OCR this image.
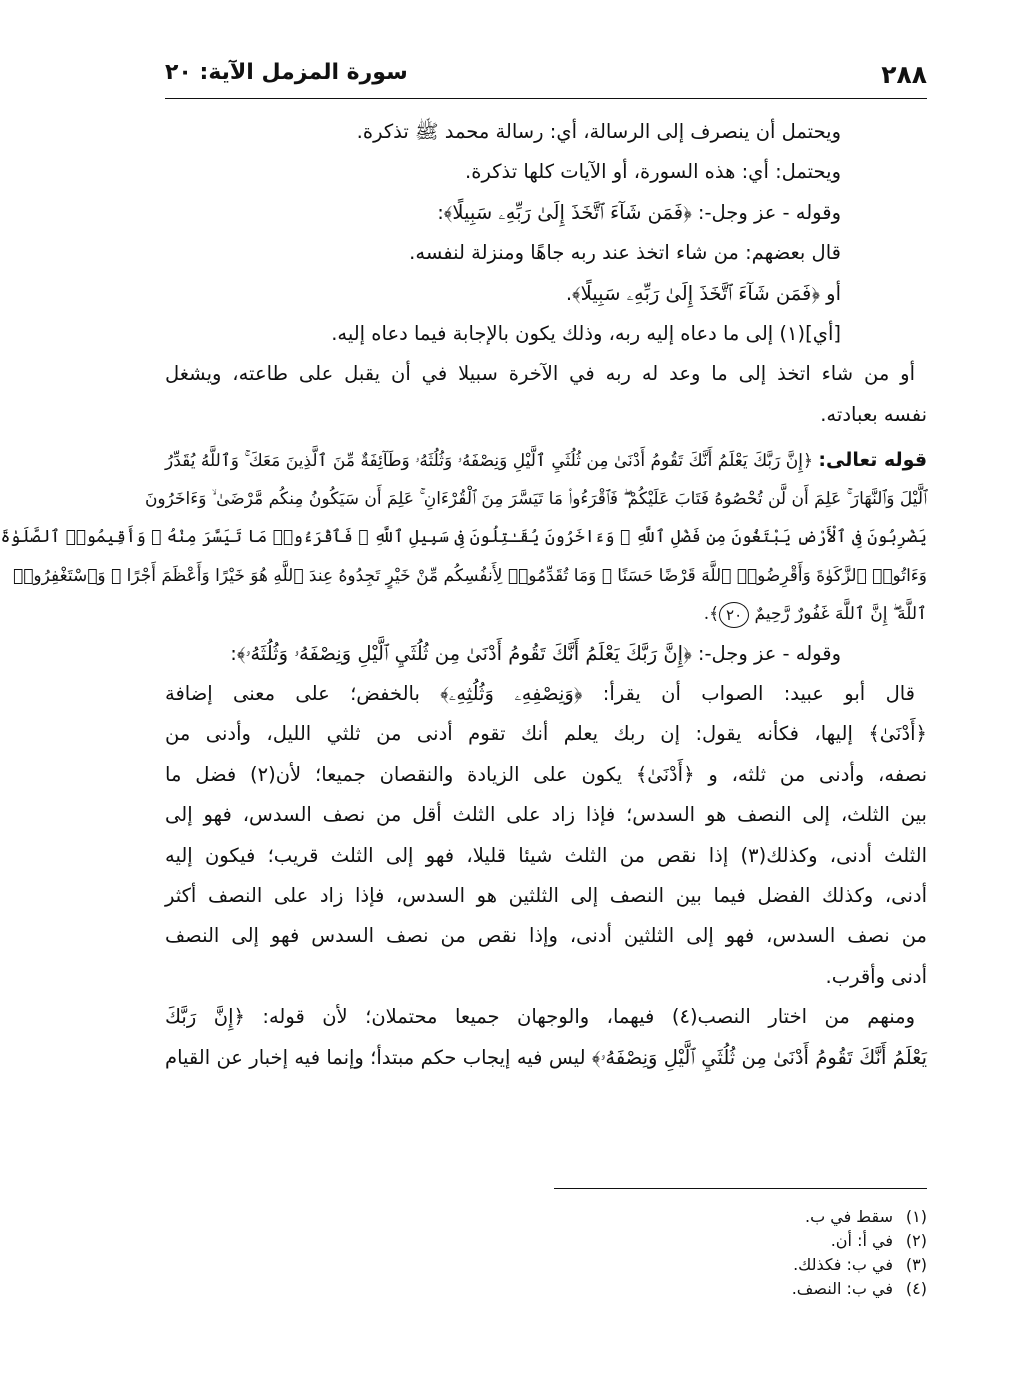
٢٨٨
سورة المزمل الآية: ٢٠
ويحتمل أن ينصرف إلى الرسالة، أي: رسالة محمد ﷺ تذكرة.
ويحتمل: أي: هذه السورة، أو الآيات كلها تذكرة.
وقوله - عز وجل-: ﴿فَمَن شَآءَ ٱتَّخَذَ إِلَىٰ رَبِّهِۦ سَبِيلًا﴾:
قال بعضهم: من شاء اتخذ عند ربه جاهًا ومنزلة لنفسه.
أو ﴿فَمَن شَآءَ ٱتَّخَذَ إِلَىٰ رَبِّهِۦ سَبِيلًا﴾.
[أي](١) إلى ما دعاه إليه ربه، وذلك يكون بالإجابة فيما دعاه إليه.
أو من شاء اتخذ إلى ما وعد له ربه في الآخرة سبيلا في أن يقبل على طاعته، ويشغل
نفسه بعبادته.
قوله تعالى: ﴿إِنَّ رَبَّكَ يَعْلَمُ أَنَّكَ تَقُومُ أَدْنَىٰ مِن ثُلُثَيِ ٱلَّيْلِ وَنِصْفَهُۥ وَثُلُثَهُۥ وَطَآئِفَةٌ مِّنَ ٱلَّذِينَ مَعَكَ ۚ وَٱللَّهُ يُقَدِّرُ
ٱلَّيْلَ وَٱلنَّهَارَ ۚ عَلِمَ أَن لَّن تُحْصُوهُ فَتَابَ عَلَيْكُمْ ۖ فَٱقْرَءُوا۟ مَا تَيَسَّرَ مِنَ ٱلْقُرْءَانِ ۚ عَلِمَ أَن سَيَكُونُ مِنكُم مَّرْضَىٰ ۙ وَءَاخَرُونَ
يَضْرِبُونَ فِى ٱلْأَرْضِ يَبْتَغُونَ مِن فَضْلِ ٱللَّهِ ۙ وَءَاخَرُونَ يُقَـٰتِلُونَ فِى سَبِيلِ ٱللَّهِ ۖ فَٱقْرَءُوا۟ مَا تَيَسَّرَ مِنْهُ ۚ وَأَقِيمُوا۟ ٱلصَّلَوٰةَ
وَءَاتُوا۟ ٱلزَّكَوٰةَ وَأَقْرِضُوا۟ ٱللَّهَ قَرْضًا حَسَنًا ۚ وَمَا تُقَدِّمُوا۟ لِأَنفُسِكُم مِّنْ خَيْرٍ تَجِدُوهُ عِندَ ٱللَّهِ هُوَ خَيْرًا وَأَعْظَمَ أَجْرًا ۚ وَٱسْتَغْفِرُوا۟
ٱللَّهَ ۖ إِنَّ ٱللَّهَ غَفُورٌ رَّحِيمٌ ٢٠﴾.
وقوله - عز وجل-: ﴿إِنَّ رَبَّكَ يَعْلَمُ أَنَّكَ تَقُومُ أَدْنَىٰ مِن ثُلُثَيِ ٱلَّيْلِ وَنِصْفَهُۥ وَثُلُثَهُۥ﴾:
قال أبو عبيد: الصواب أن يقرأ: ﴿وَنِصْفِهِۦ وَثُلُثِهِۦ﴾ بالخفض؛ على معنى إضافة
﴿أَدْنَىٰ﴾ إليها، فكأنه يقول: إن ربك يعلم أنك تقوم أدنى من ثلثي الليل، وأدنى من
نصفه، وأدنى من ثلثه، و ﴿أَدْنَىٰ﴾ يكون على الزيادة والنقصان جميعا؛ لأن(٢) فضل ما
بين الثلث، إلى النصف هو السدس؛ فإذا زاد على الثلث أقل من نصف السدس، فهو إلى
الثلث أدنى، وكذلك(٣) إذا نقص من الثلث شيئا قليلا، فهو إلى الثلث قريب؛ فيكون إليه
أدنى، وكذلك الفضل فيما بين النصف إلى الثلثين هو السدس، فإذا زاد على النصف أكثر
من نصف السدس، فهو إلى الثلثين أدنى، وإذا نقص من نصف السدس فهو إلى النصف
أدنى وأقرب.
ومنهم من اختار النصب(٤) فيهما، والوجهان جميعا محتملان؛ لأن قوله: ﴿إِنَّ رَبَّكَ
يَعْلَمُ أَنَّكَ تَقُومُ أَدْنَىٰ مِن ثُلُثَيِ ٱلَّيْلِ وَنِصْفَهُۥ﴾ ليس فيه إيجاب حكم مبتدأ؛ وإنما فيه إخبار عن القيام
(١)سقط في ب.
(٢)في أ: أن.
(٣)في ب: فكذلك.
(٤)في ب: النصف.
